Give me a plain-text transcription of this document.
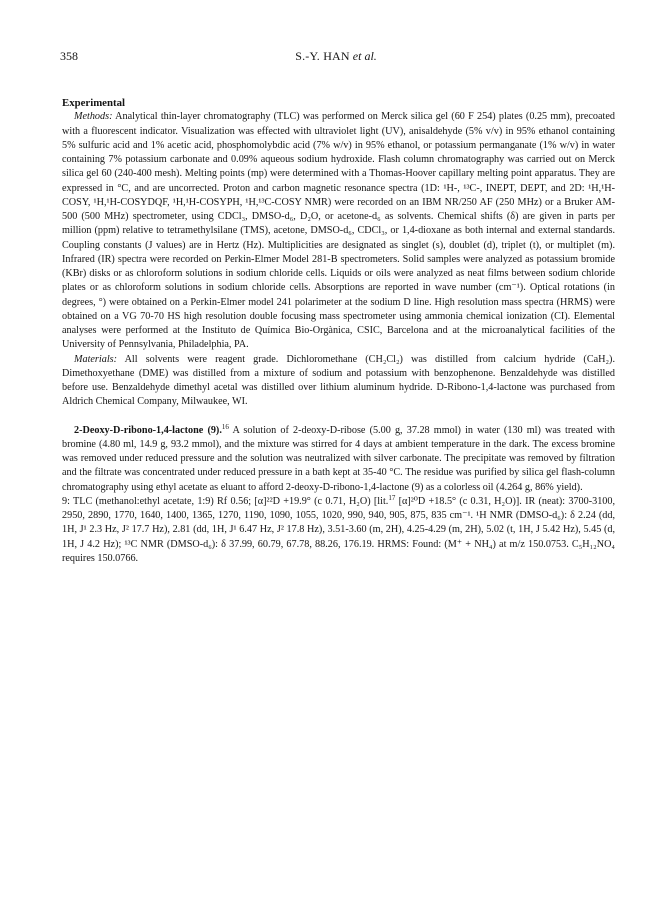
358	S.-Y. HAN et al.

Experimental

Methods: Analytical thin-layer chromatography (TLC) was performed on Merck silica gel (60 F 254) plates (0.25 mm), precoated with a fluorescent indicator. Visualization was effected with ultraviolet light (UV), anisaldehyde (5% v/v) in 95% ethanol containing 5% sulfuric acid and 1% acetic acid, phosphomolybdic acid (7% w/v) in 95% ethanol, or potassium permanganate (1% w/v) in water containing 7% potassium carbonate and 0.09% aqueous sodium hydroxide. Flash column chromatography was carried out on Merck silica gel 60 (240-400 mesh). Melting points (mp) were determined with a Thomas-Hoover capillary melting point apparatus. They are expressed in °C, and are uncorrected. Proton and carbon magnetic resonance spectra (1D: ¹H-, ¹³C-, INEPT, DEPT, and 2D: ¹H,¹H-COSY, ¹H,¹H-COSYDQF, ¹H,¹H-COSYPH, ¹H,¹³C-COSY NMR) were recorded on an IBM NR/250 AF (250 MHz) or a Bruker AM-500 (500 MHz) spectrometer, using CDCl₃, DMSO-d₆, D₂O, or acetone-d₆ as solvents. Chemical shifts (δ) are given in parts per million (ppm) relative to tetramethylsilane (TMS), acetone, DMSO-d₆, CDCl₃, or 1,4-dioxane as both internal and external standards. Coupling constants (J values) are in Hertz (Hz). Multiplicities are designated as singlet (s), doublet (d), triplet (t), or multiplet (m). Infrared (IR) spectra were recorded on Perkin-Elmer Model 281-B spectrometers. Solid samples were analyzed as potassium bromide (KBr) disks or as chloroform solutions in sodium chloride cells. Liquids or oils were analyzed as neat films between sodium chloride plates or as chloroform solutions in sodium chloride cells. Absorptions are reported in wave number (cm⁻¹). Optical rotations (in degrees, °) were obtained on a Perkin-Elmer model 241 polarimeter at the sodium D line. High resolution mass spectra (HRMS) were obtained on a VG 70-70 HS high resolution double focusing mass spectrometer using ammonia chemical ionization (CI). Elemental analyses were performed at the Instituto de Química Bio-Orgànica, CSIC, Barcelona and at the microanalytical facilities of the University of Pennsylvania, Philadelphia, PA.

Materials: All solvents were reagent grade. Dichloromethane (CH₂Cl₂) was distilled from calcium hydride (CaH₂). Dimethoxyethane (DME) was distilled from a mixture of sodium and potassium with benzophenone. Benzaldehyde was distilled before use. Benzaldehyde dimethyl acetal was distilled over lithium aluminum hydride. D-Ribono-1,4-lactone was purchased from Aldrich Chemical Company, Milwaukee, WI.

2-Deoxy-D-ribono-1,4-lactone (9).$^{16}$ A solution of 2-deoxy-D-ribose (5.00 g, 37.28 mmol) in water (130 ml) was treated with bromine (4.80 ml, 14.9 g, 93.2 mmol), and the mixture was stirred for 4 days at ambient temperature in the dark. The excess bromine was removed under reduced pressure and the solution was neutralized with silver carbonate. The precipitate was removed by filtration and the filtrate was concentrated under reduced pressure in a bath kept at 35-40 °C. The residue was purified by silica gel flash-column chromatography using ethyl acetate as eluant to afford 2-deoxy-D-ribono-1,4-lactone (9) as a colorless oil (4.264 g, 86% yield).

9: TLC (methanol:ethyl acetate, 1:9) Rf 0.56; [α]²²D +19.9° (c 0.71, H₂O) [lit.$^{17}$ [α]²⁰D +18.5° (c 0.31, H₂O)]. IR (neat): 3700-3100, 2950, 2890, 1770, 1640, 1400, 1365, 1270, 1190, 1090, 1055, 1020, 990, 940, 905, 875, 835 cm⁻¹. ¹H NMR (DMSO-d₆): δ 2.24 (dd, 1H, J¹ 2.3 Hz, J² 17.7 Hz), 2.81 (dd, 1H, J¹ 6.47 Hz, J² 17.8 Hz), 3.51-3.60 (m, 2H), 4.25-4.29 (m, 2H), 5.02 (t, 1H, J 5.42 Hz), 5.45 (d, 1H, J 4.2 Hz); ¹³C NMR (DMSO-d₆): δ 37.99, 60.79, 67.78, 88.26, 176.19. HRMS: Found: (M⁺ + NH₄) at m/z 150.0753. C₅H₁₂NO₄ requires 150.0766.
